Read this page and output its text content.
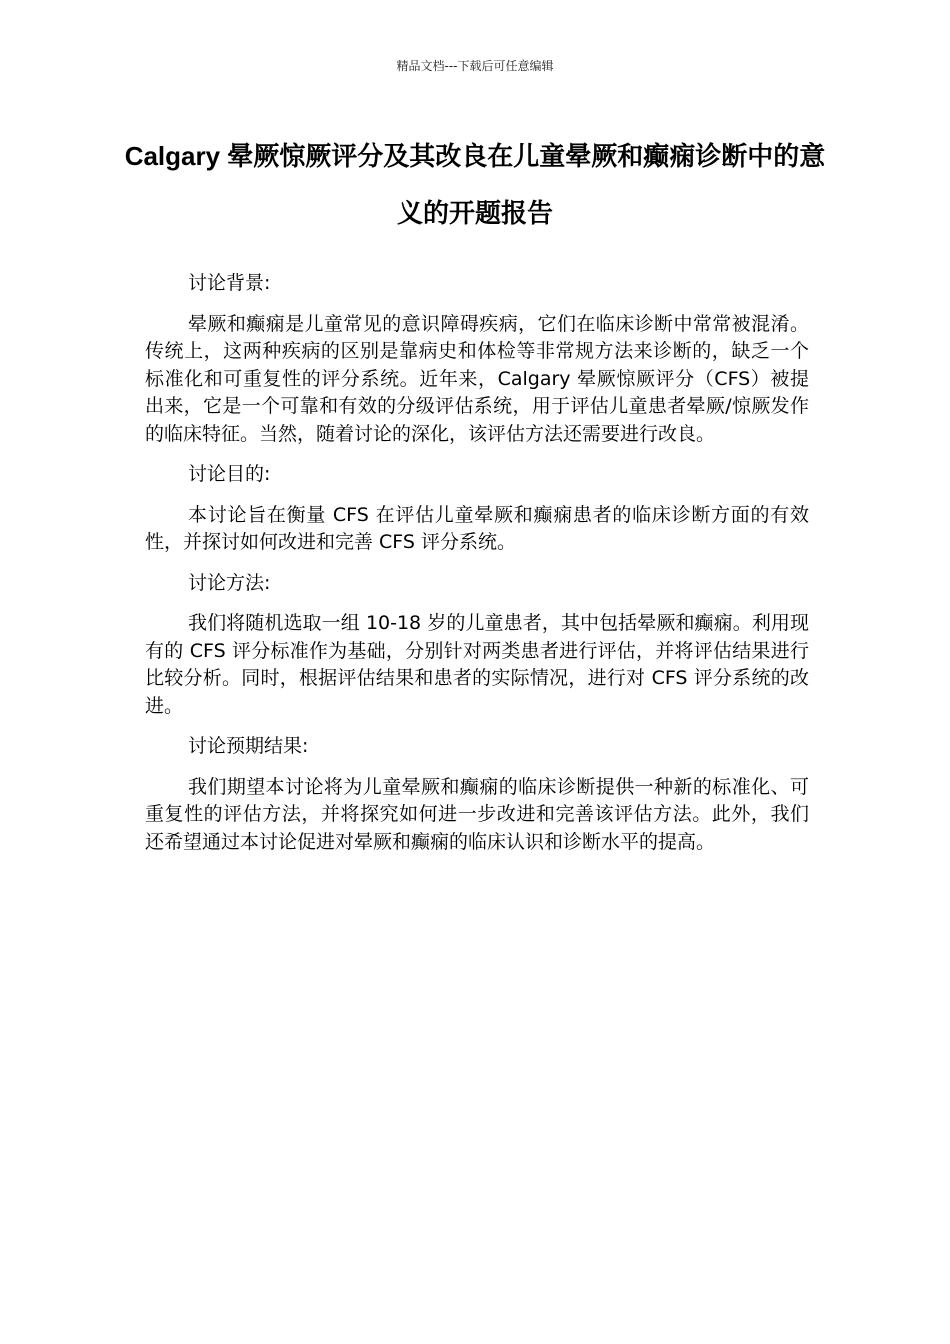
精品文档---下载后可任意编辑
Calgary 晕厥惊厥评分及其改良在儿童晕厥和癫痫诊断中的意义的开题报告

讨论背景:

晕厥和癫痫是儿童常见的意识障碍疾病，它们在临床诊断中常常被混淆。传统上，这两种疾病的区别是靠病史和体检等非常规方法来诊断的，缺乏一个标准化和可重复性的评分系统。近年来，Calgary 晕厥惊厥评分（CFS）被提出来，它是一个可靠和有效的分级评估系统，用于评估儿童患者晕厥/惊厥发作的临床特征。当然，随着讨论的深化，该评估方法还需要进行改良。

讨论目的:

本讨论旨在衡量 CFS 在评估儿童晕厥和癫痫患者的临床诊断方面的有效性，并探讨如何改进和完善 CFS 评分系统。

讨论方法:

我们将随机选取一组 10-18 岁的儿童患者，其中包括晕厥和癫痫。利用现有的 CFS 评分标准作为基础，分别针对两类患者进行评估，并将评估结果进行比较分析。同时，根据评估结果和患者的实际情况，进行对 CFS 评分系统的改进。

讨论预期结果:

我们期望本讨论将为儿童晕厥和癫痫的临床诊断提供一种新的标准化、可重复性的评估方法，并将探究如何进一步改进和完善该评估方法。此外，我们还希望通过本讨论促进对晕厥和癫痫的临床认识和诊断水平的提高。
